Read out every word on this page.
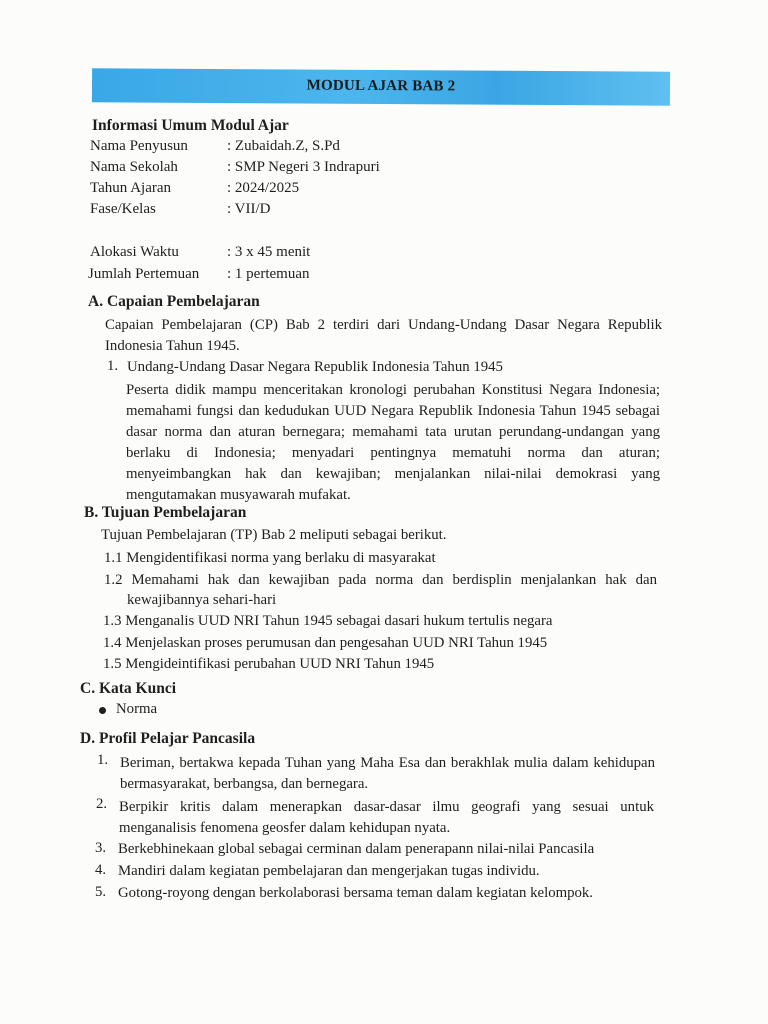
MODUL AJAR BAB 2
Informasi Umum Modul Ajar
Nama Penyusun	: Zubaidah.Z, S.Pd
Nama Sekolah	: SMP Negeri 3 Indrapuri
Tahun Ajaran	: 2024/2025
Fase/Kelas	: VII/D
Alokasi Waktu	: 3 x 45 menit
Jumlah Pertemuan : 1 pertemuan
A. Capaian Pembelajaran
Capaian Pembelajaran (CP) Bab 2 terdiri dari Undang-Undang Dasar Negara Republik Indonesia Tahun 1945.
1. Undang-Undang Dasar Negara Republik Indonesia Tahun 1945
Peserta didik mampu menceritakan kronologi perubahan Konstitusi Negara Indonesia; memahami fungsi dan kedudukan UUD Negara Republik Indonesia Tahun 1945 sebagai dasar norma dan aturan bernegara; memahami tata urutan perundang-undangan yang berlaku di Indonesia; menyadari pentingnya mematuhi norma dan aturan; menyeimbangkan hak dan kewajiban; menjalankan nilai-nilai demokrasi yang mengutamakan musyawarah mufakat.
B. Tujuan Pembelajaran
Tujuan Pembelajaran (TP) Bab 2 meliputi sebagai berikut.
1.1 Mengidentifikasi norma yang berlaku di masyarakat
1.2 Memahami hak dan kewajiban pada norma dan berdisplin menjalankan hak dan
kewajibannya sehari-hari
1.3 Menganalis UUD NRI Tahun 1945 sebagai dasari hukum tertulis negara
1.4 Menjelaskan proses perumusan dan pengesahan UUD NRI Tahun 1945
1.5 Mengideintifikasi perubahan UUD NRI Tahun 1945
C. Kata Kunci
Norma
D. Profil Pelajar Pancasila
1. Beriman, bertakwa kepada Tuhan yang Maha Esa dan berakhlak mulia dalam kehidupan bermasyarakat, berbangsa, dan bernegara.
2. Berpikir kritis dalam menerapkan dasar-dasar ilmu geografi yang sesuai untuk menganalisis fenomena geosfer dalam kehidupan nyata.
3. Berkebhinekaan global sebagai cerminan dalam penerapann nilai-nilai Pancasila
4. Mandiri dalam kegiatan pembelajaran dan mengerjakan tugas individu.
5. Gotong-royong dengan berkolaborasi bersama teman dalam kegiatan kelompok.
